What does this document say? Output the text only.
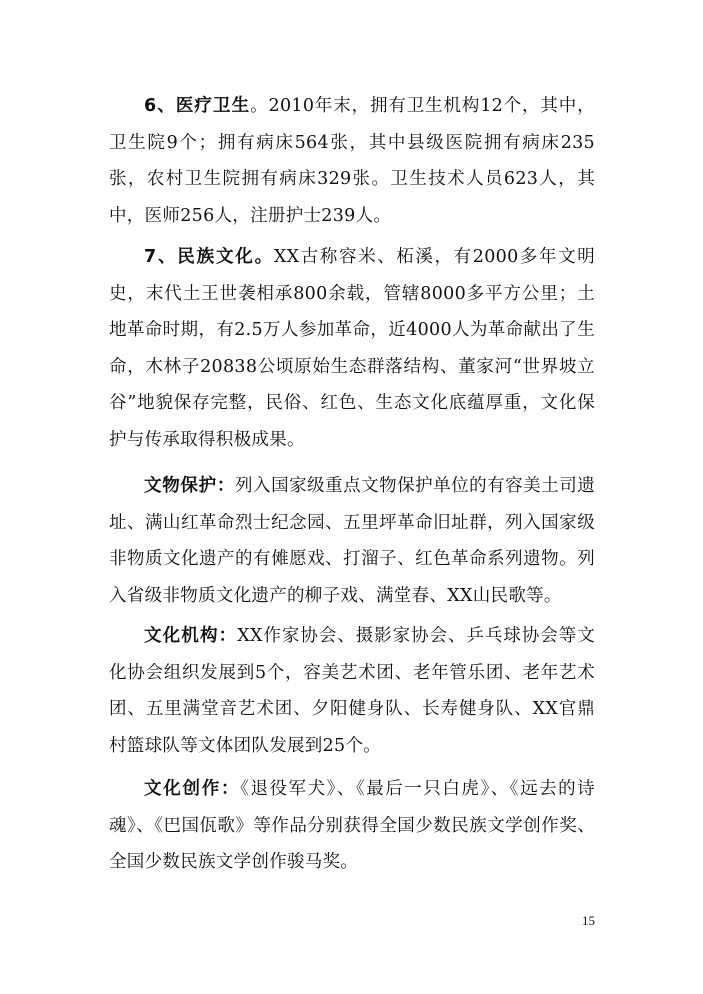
6、医疗卫生。2010年末，拥有卫生机构12个，其中，卫生院9个；拥有病床564张，其中县级医院拥有病床235张，农村卫生院拥有病床329张。卫生技术人员623人，其中，医师256人，注册护士239人。

7、民族文化。XX古称容米、柘溪，有2000多年文明史，末代土王世袭相承800余载，管辖8000多平方公里；土地革命时期，有2.5万人参加革命，近4000人为革命献出了生命，木林子20838公顷原始生态群落结构、董家河“世界坡立谷”地貌保存完整，民俗、红色、生态文化底蕴厚重，文化保护与传承取得积极成果。

文物保护：列入国家级重点文物保护单位的有容美土司遗址、满山红革命烈士纪念园、五里坪革命旧址群，列入国家级非物质文化遗产的有傩愿戏、打溜子、红色革命系列遗物。列入省级非物质文化遗产的柳子戏、满堂春、XX山民歌等。

文化机构：XX作家协会、摄影家协会、乒乓球协会等文化协会组织发展到5个，容美艺术团、老年管乐团、老年艺术团、五里满堂音艺术团、夕阳健身队、长寿健身队、XX官鼎村篮球队等文体团队发展到25个。

文化创作：《退役军犬》、《最后一只白虎》、《远去的诗魂》、《巴国佤歌》等作品分别获得全国少数民族文学创作奖、全国少数民族文学创作骏马奖。

15
